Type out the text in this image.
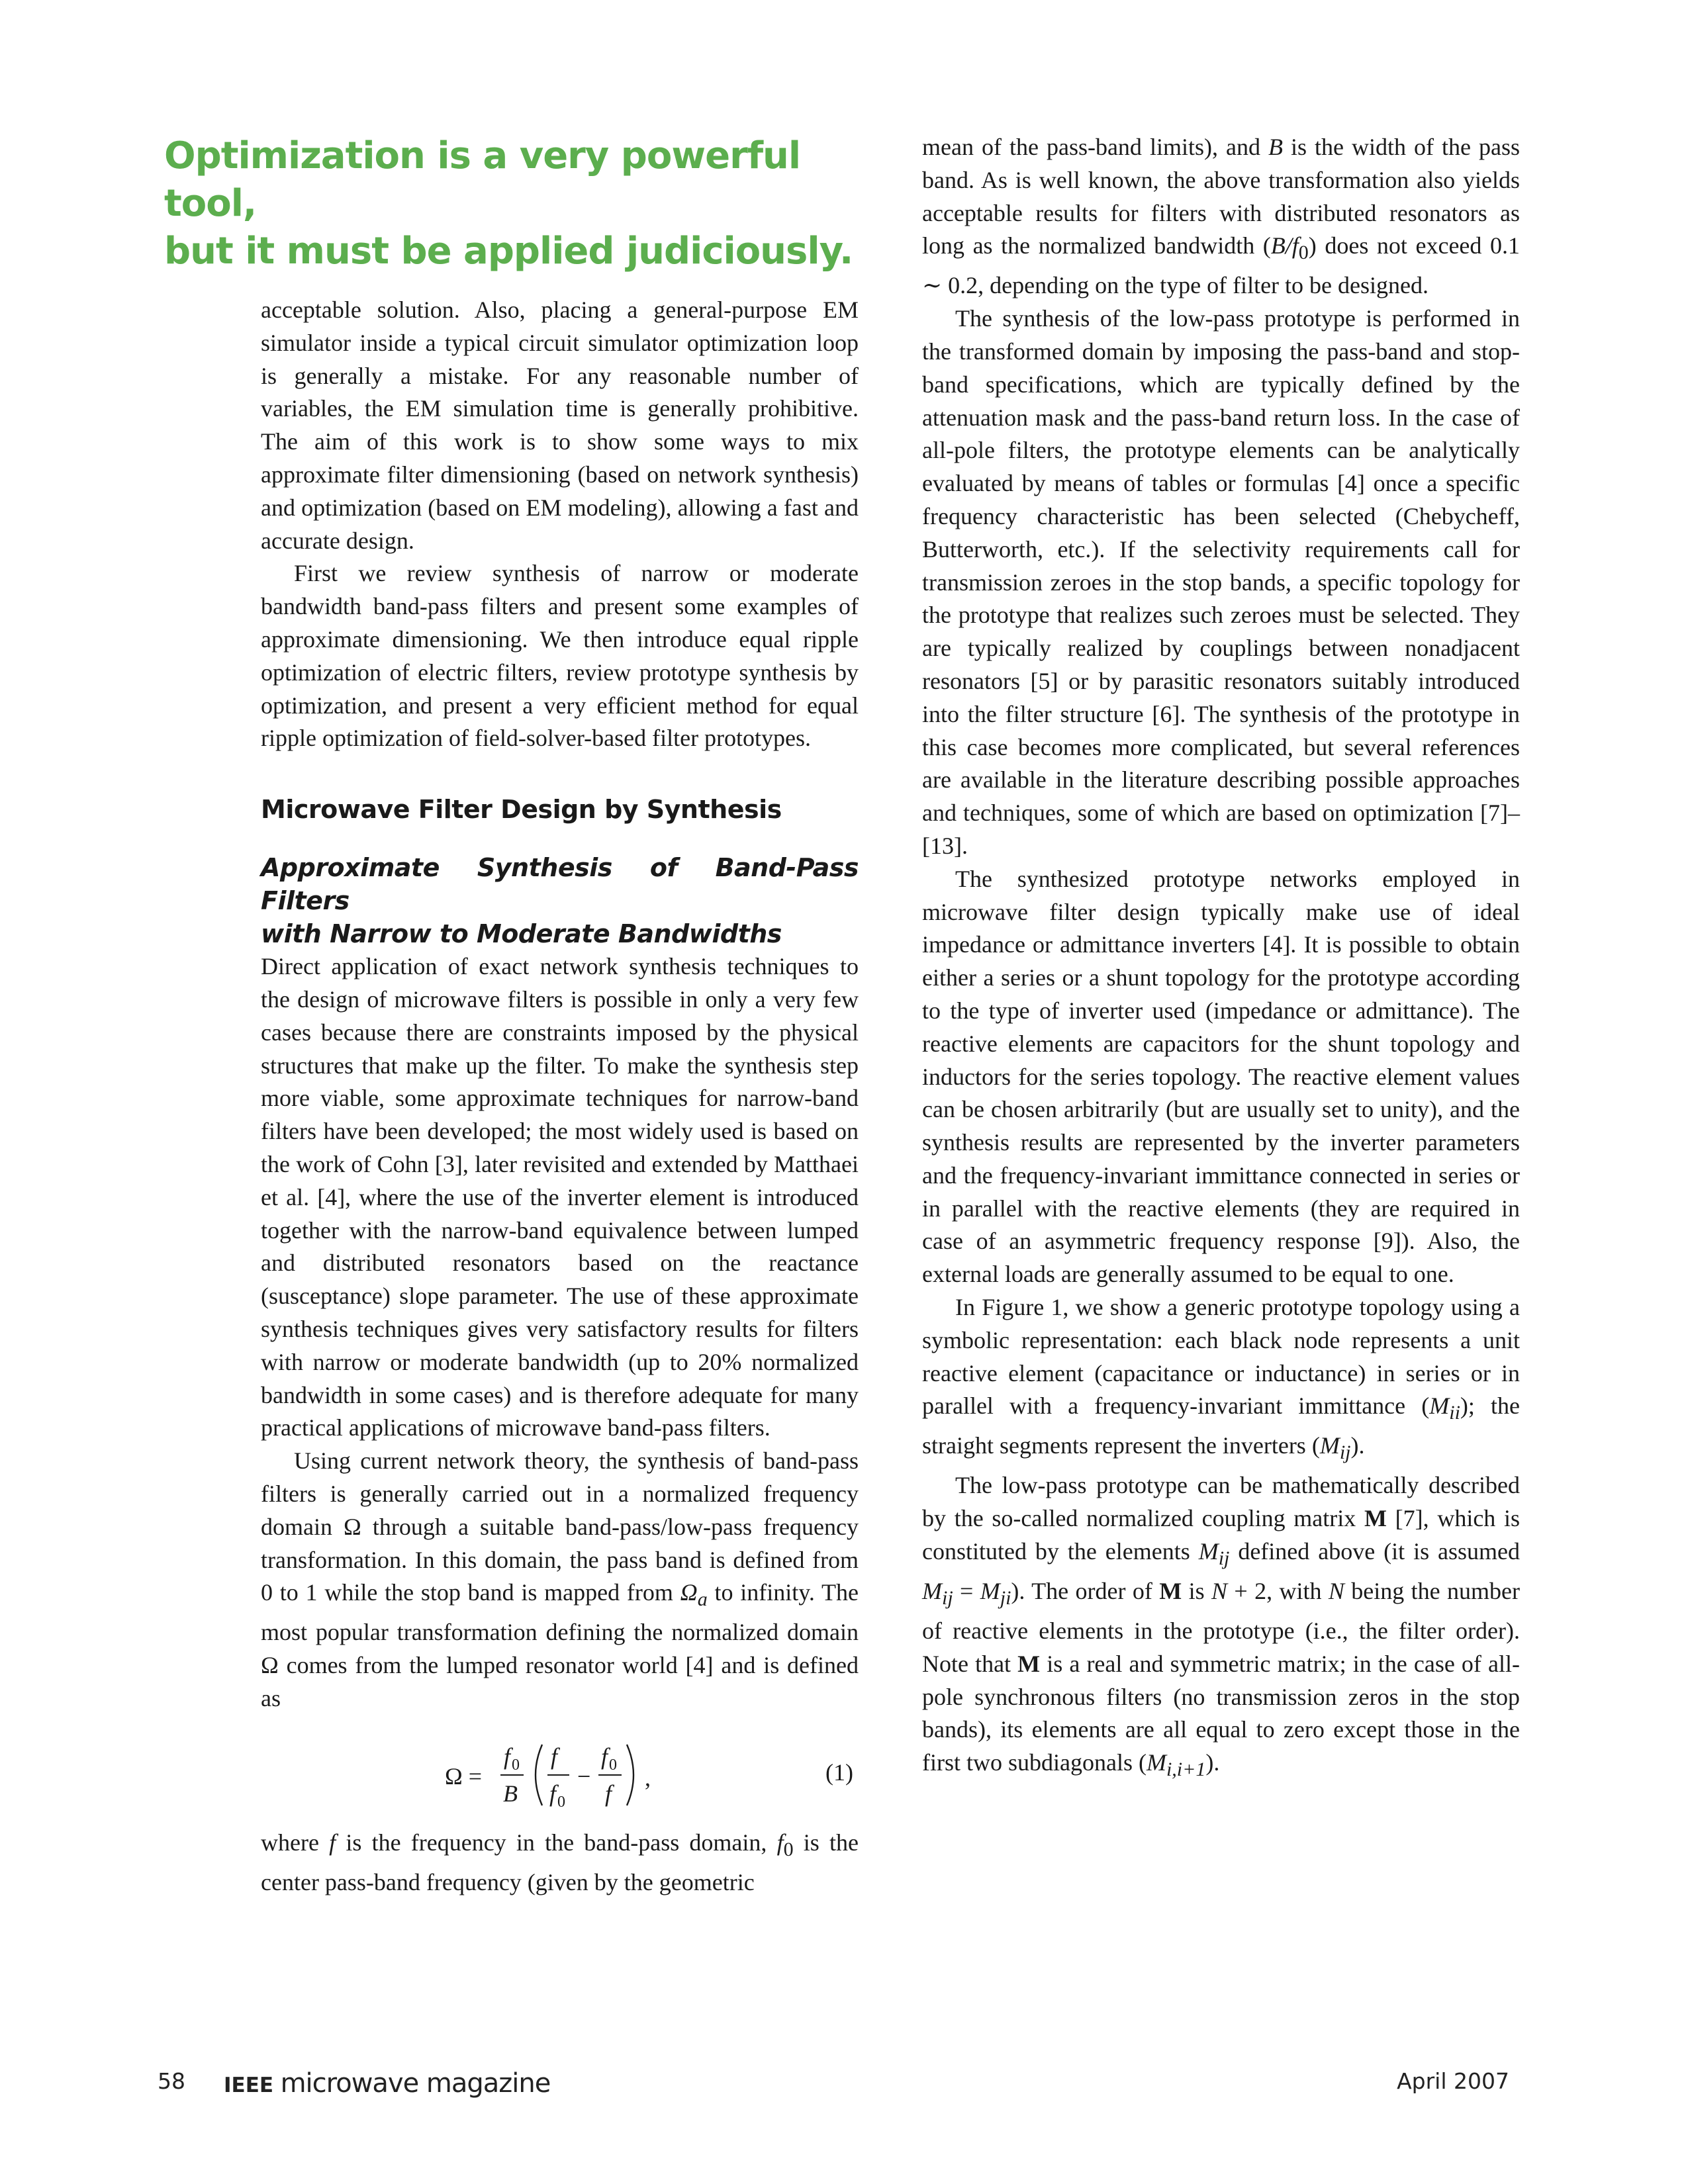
Optimization is a very powerful tool,
but it must be applied judiciously.

acceptable solution. Also, placing a general-purpose EM simulator inside a typical circuit simulator optimization loop is generally a mistake. For any reasonable number of variables, the EM simulation time is generally prohibitive. The aim of this work is to show some ways to mix approximate filter dimensioning (based on network synthesis) and optimization (based on EM modeling), allowing a fast and accurate design.

First we review synthesis of narrow or moderate bandwidth band-pass filters and present some examples of approximate dimensioning. We then introduce equal ripple optimization of electric filters, review prototype synthesis by optimization, and present a very efficient method for equal ripple optimization of field-solver-based filter prototypes.

Microwave Filter Design by Synthesis
Approximate Synthesis of Band-Pass Filters
with Narrow to Moderate Bandwidths

Direct application of exact network synthesis techniques to the design of microwave filters is possible in only a very few cases because there are constraints imposed by the physical structures that make up the filter. To make the synthesis step more viable, some approximate techniques for narrow-band filters have been developed; the most widely used is based on the work of Cohn [3], later revisited and extended by Matthaei et al. [4], where the use of the inverter element is introduced together with the narrow-band equivalence between lumped and distributed resonators based on the reactance (susceptance) slope parameter. The use of these approximate synthesis techniques gives very satisfactory results for filters with narrow or moderate bandwidth (up to 20% normalized bandwidth in some cases) and is therefore adequate for many practical applications of microwave band-pass filters.

Using current network theory, the synthesis of band-pass filters is generally carried out in a normalized frequency domain Ω through a suitable band-pass/low-pass frequency transformation. In this domain, the pass band is defined from 0 to 1 while the stop band is mapped from $\Omega_a$ to infinity. The most popular transformation defining the normalized domain Ω comes from the lumped resonator world [4] and is defined as

Ω =
f 0
B
f
f 0
−
f 0
f
,	(1)

where f is the frequency in the band-pass domain, $f_0$ is the center pass-band frequency (given by the geometric

mean of the pass-band limits), and B is the width of the pass band. As is well known, the above transformation also yields acceptable results for filters with distributed resonators as long as the normalized bandwidth $(B/f_0)$ does not exceed 0.1 ∼ 0.2, depending on the type of filter to be designed.

The synthesis of the low-pass prototype is performed in the transformed domain by imposing the pass-band and stop-band specifications, which are typically defined by the attenuation mask and the pass-band return loss. In the case of all-pole filters, the prototype elements can be analytically evaluated by means of tables or formulas [4] once a specific frequency characteristic has been selected (Chebycheff, Butterworth, etc.). If the selectivity requirements call for transmission zeroes in the stop bands, a specific topology for the prototype that realizes such zeroes must be selected. They are typically realized by couplings between nonadjacent resonators [5] or by parasitic resonators suitably introduced into the filter structure [6]. The synthesis of the prototype in this case becomes more complicated, but several references are available in the literature describing possible approaches and techniques, some of which are based on optimization [7]–[13].

The synthesized prototype networks employed in microwave filter design typically make use of ideal impedance or admittance inverters [4]. It is possible to obtain either a series or a shunt topology for the prototype according to the type of inverter used (impedance or admittance). The reactive elements are capacitors for the shunt topology and inductors for the series topology. The reactive element values can be chosen arbitrarily (but are usually set to unity), and the synthesis results are represented by the inverter parameters and the frequency-invariant immittance connected in series or in parallel with the reactive elements (they are required in case of an asymmetric frequency response [9]). Also, the external loads are generally assumed to be equal to one.

In Figure 1, we show a generic prototype topology using a symbolic representation: each black node represents a unit reactive element (capacitance or inductance) in series or in parallel with a frequency-invariant immittance $(M_{ii})$; the straight segments represent the inverters $(M_{ij})$.

The low-pass prototype can be mathematically described by the so-called normalized coupling matrix M [7], which is constituted by the elements $M_{ij}$ defined above (it is assumed $M_{ij} = M_{ji}$). The order of M is N + 2, with N being the number of reactive elements in the prototype (i.e., the filter order). Note that M is a real and symmetric matrix; in the case of all-pole synchronous filters (no transmission zeros in the stop bands), its elements are all equal to zero except those in the first two subdiagonals $(M_{i,i+1})$.

58 IEEE microwave magazine	April 2007
